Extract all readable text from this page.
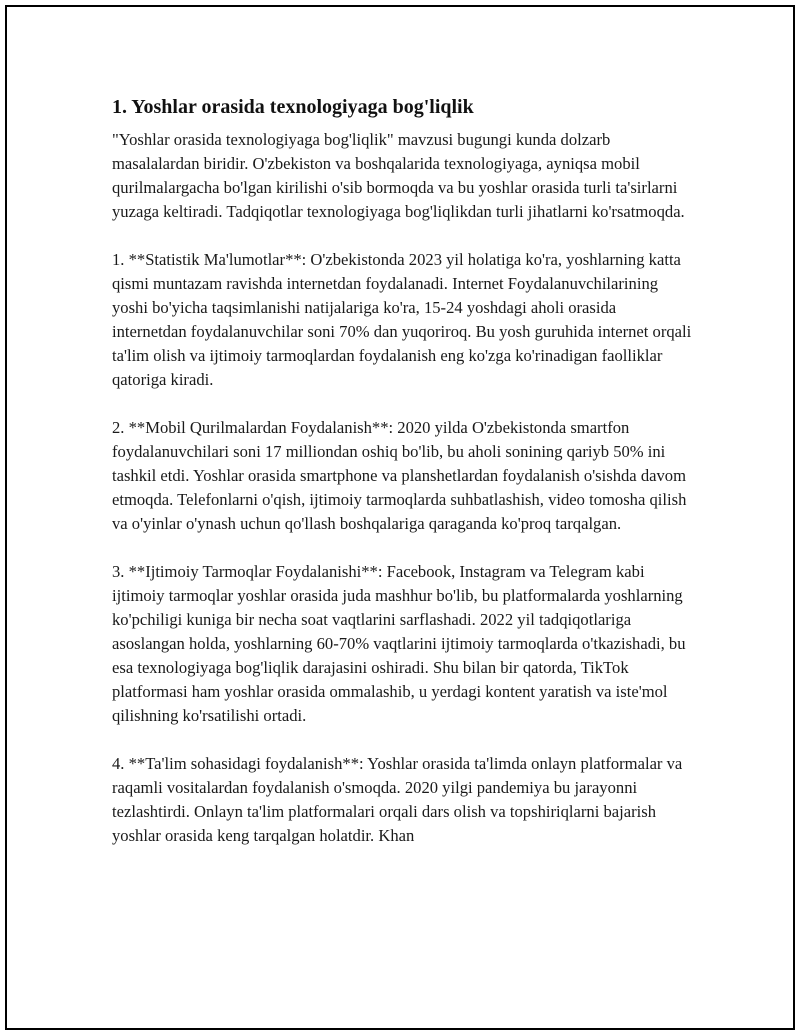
1. Yoshlar orasida texnologiyaga bog'liqlik

"Yoshlar orasida texnologiyaga bog'liqlik" mavzusi bugungi kunda dolzarb masalalardan biridir. O'zbekiston va boshqalarida texnologiyaga, ayniqsa mobil qurilmalargacha bo'lgan kirilishi o'sib bormoqda va bu yoshlar orasida turli ta'sirlarni yuzaga keltiradi. Tadqiqotlar texnologiyaga bog'liqlikdan turli jihatlarni ko'rsatmoqda.

1. **Statistik Ma'lumotlar**: O'zbekistonda 2023 yil holatiga ko'ra, yoshlarning katta qismi muntazam ravishda internetdan foydalanadi. Internet Foydalanuvchilarining yoshi bo'yicha taqsimlanishi natijalariga ko'ra, 15-24 yoshdagi aholi orasida internetdan foydalanuvchilar soni 70% dan yuqoriroq. Bu yosh guruhida internet orqali ta'lim olish va ijtimoiy tarmoqlardan foydalanish eng ko'zga ko'rinadigan faolliklar qatoriga kiradi.

2. **Mobil Qurilmalardan Foydalanish**: 2020 yilda O'zbekistonda smartfon foydalanuvchilari soni 17 milliondan oshiq bo'lib, bu aholi sonining qariyb 50% ini tashkil etdi. Yoshlar orasida smartphone va planshetlardan foydalanish o'sishda davom etmoqda. Telefonlarni o'qish, ijtimoiy tarmoqlarda suhbatlashish, video tomosha qilish va o'yinlar o'ynash uchun qo'llash boshqalariga qaraganda ko'proq tarqalgan.

3. **Ijtimoiy Tarmoqlar Foydalanishi**: Facebook, Instagram va Telegram kabi ijtimoiy tarmoqlar yoshlar orasida juda mashhur bo'lib, bu platformalarda yoshlarning ko'pchiligi kuniga bir necha soat vaqtlarini sarflashadi. 2022 yil tadqiqotlariga asoslangan holda, yoshlarning 60-70% vaqtlarini ijtimoiy tarmoqlarda o'tkazishadi, bu esa texnologiyaga bog'liqlik darajasini oshiradi. Shu bilan bir qatorda, TikTok platformasi ham yoshlar orasida ommalashib, u yerdagi kontent yaratish va iste'mol qilishning ko'rsatilishi ortadi.

4. **Ta'lim sohasidagi foydalanish**: Yoshlar orasida ta'limda onlayn platformalar va raqamli vositalardan foydalanish o'smoqda. 2020 yilgi pandemiya bu jarayonni tezlashtirdi. Onlayn ta'lim platformalari orqali dars olish va topshiriqlarni bajarish yoshlar orasida keng tarqalgan holatdir. Khan
